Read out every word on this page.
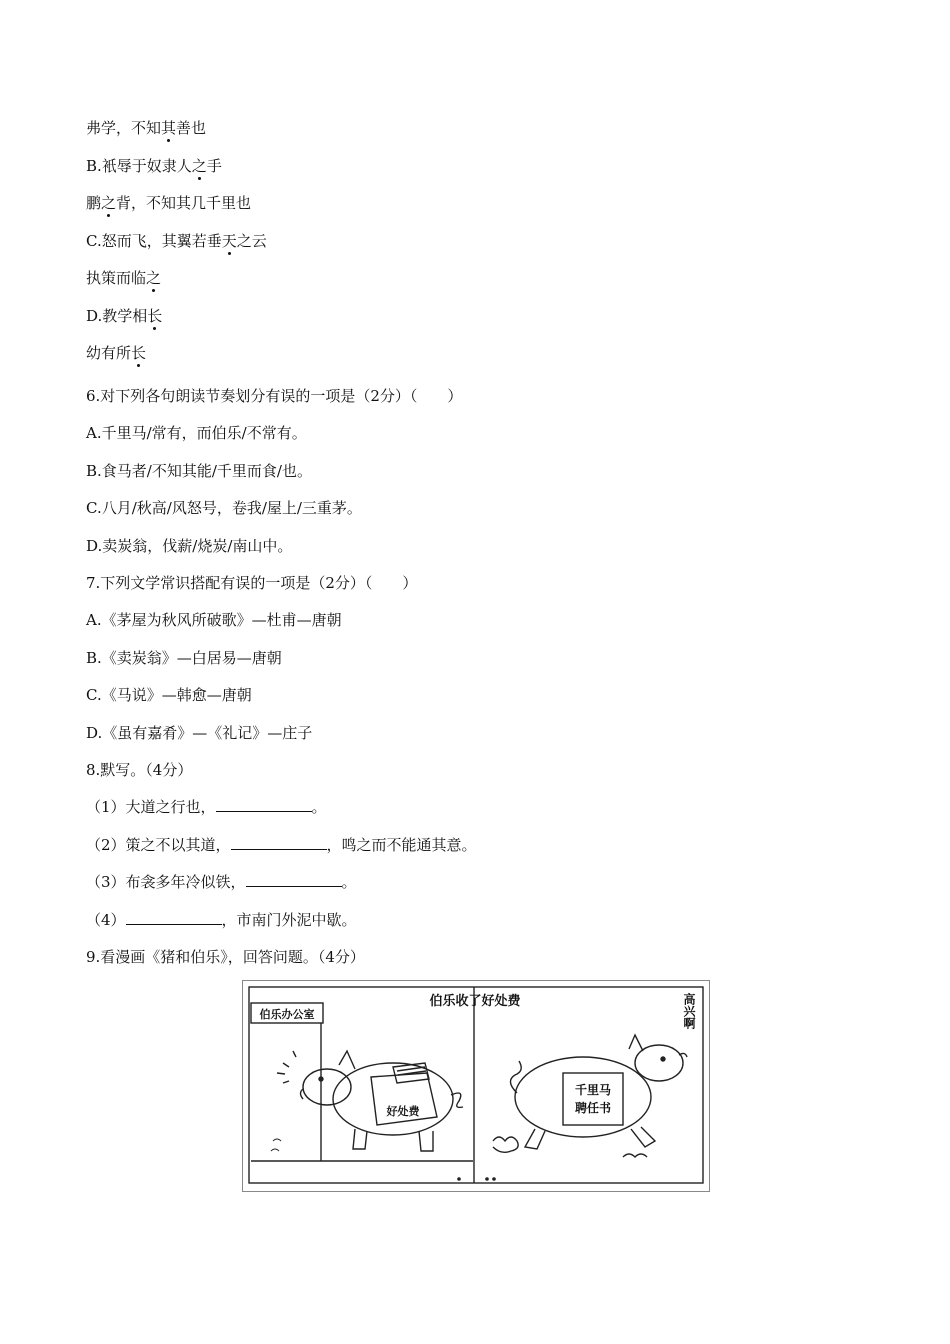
弗学，不知其善也
B.衹辱于奴隶人之手
鹏之背，不知其几千里也
C.怒而飞，其翼若垂天之云
执策而临之
D.教学相长
幼有所长
6.对下列各句朗读节奏划分有误的一项是（2分）（　　）
A.千里马/常有，而伯乐/不常有。
B.食马者/不知其能/千里而食/也。
C.八月/秋高/风怒号，卷我/屋上/三重茅。
D.卖炭翁，伐薪/烧炭/南山中。
7.下列文学常识搭配有误的一项是（2分）（　　）
A.《茅屋为秋风所破歌》—杜甫—唐朝
B.《卖炭翁》—白居易—唐朝
C.《马说》—韩愈—唐朝
D.《虽有嘉肴》—《礼记》—庄子
8.默写。（4分）
（1）大道之行也，	。
（2）策之不以其道，	，鸣之而不能通其意。
（3）布衾多年冷似铁，	。
（4）	，市南门外泥中歇。
9.看漫画《猪和伯乐》，回答问题。（4分）
伯乐收了好处费
伯乐办公室
好处费
千里马
聘任书
高兴啊
